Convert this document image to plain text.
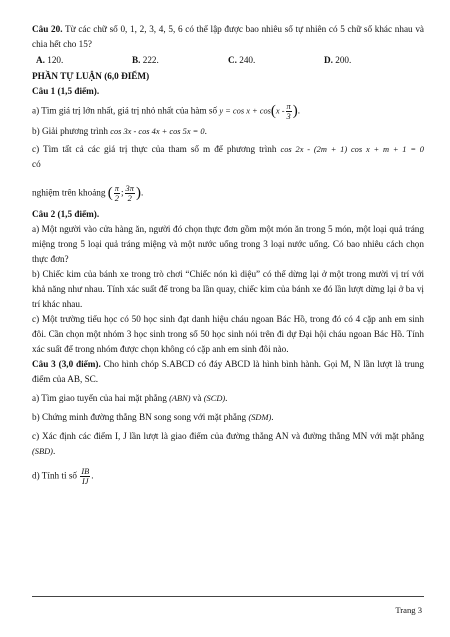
Câu 20. Từ các chữ số 0, 1, 2, 3, 4, 5, 6 có thể lập được bao nhiêu số tự nhiên có 5 chữ số khác nhau và chia hết cho 15?

A. 120.	B. 222.	C. 240.	D. 200.

PHẦN TỰ LUẬN (6,0 ĐIỂM)

Câu 1 (1,5 điểm).

a) Tìm giá trị lớn nhất, giá trị nhỏ nhất của hàm số $y = \cos x + \cos(x - \frac{\pi}{3}$ ).

b) Giải phương trình cos 3x - cos 4x + cos 5x = 0.

c) Tìm tất cả các giá trị thực của tham số m để phương trình cos 2x - (2m + 1) cos x + m + 1 = 0 có

nghiệm trên khoảng ( $\frac{\pi}{2}$ ; $\frac{3\pi}{2}$ ).

Câu 2 (1,5 điểm).

a) Một người vào cửa hàng ăn, người đó chọn thực đơn gồm một món ăn trong 5 món, một loại quả tráng miệng trong 5 loại quả tráng miệng và một nước uống trong 3 loại nước uống. Có bao nhiêu cách chọn thực đơn?

b) Chiếc kim của bánh xe trong trò chơi “Chiếc nón kì diệu” có thể dừng lại ở một trong mười vị trí với khả năng như nhau. Tính xác suất để trong ba lần quay, chiếc kim của bánh xe đó lần lượt dừng lại ở ba vị trí khác nhau.

c) Một trường tiểu học có 50 học sinh đạt danh hiệu cháu ngoan Bác Hồ, trong đó có 4 cặp anh em sinh đôi. Cần chọn một nhóm 3 học sinh trong số 50 học sinh nói trên đi dự Đại hội cháu ngoan Bác Hồ. Tính xác suất để trong nhóm được chọn không có cặp anh em sinh đôi nào.

Câu 3 (3,0 điểm). Cho hình chóp S.ABCD có đáy ABCD là hình bình hành. Gọi M, N lần lượt là trung điểm của AB, SC.

a) Tìm giao tuyến của hai mặt phẳng (ABN) và (SCD).

b) Chứng minh đường thẳng BN song song với mặt phẳng (SDM).

c) Xác định các điểm I, J lần lượt là giao điểm của đường thẳng AN và đường thẳng MN với mặt phẳng (SBD).

d) Tính tỉ số $\frac{IB}{IJ}$ .

Trang 3
